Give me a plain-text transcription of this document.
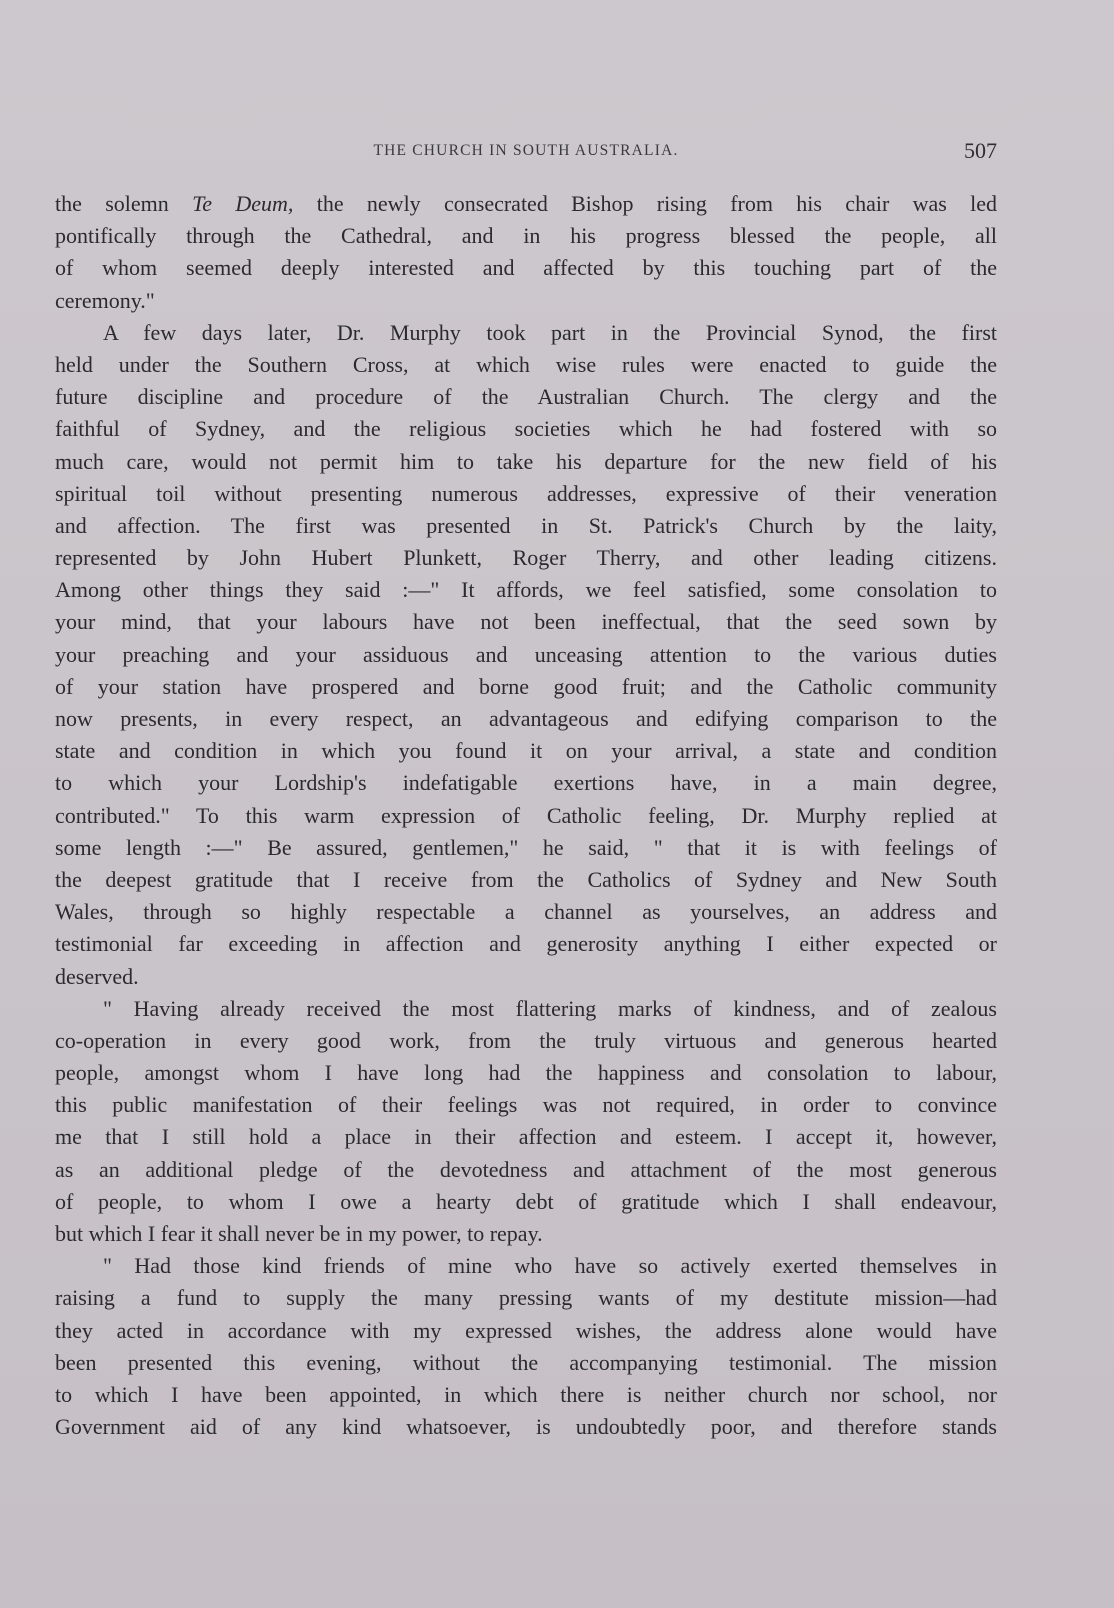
THE CHURCH IN SOUTH AUSTRALIA.	507
the solemn Te Deum, the newly consecrated Bishop rising from his chair was led
pontifically through the Cathedral, and in his progress blessed the people, all
of whom seemed deeply interested and affected by this touching part of the
ceremony."
A few days later, Dr. Murphy took part in the Provincial Synod, the first
held under the Southern Cross, at which wise rules were enacted to guide the
future discipline and procedure of the Australian Church. The clergy and the
faithful of Sydney, and the religious societies which he had fostered with so
much care, would not permit him to take his departure for the new field of his
spiritual toil without presenting numerous addresses, expressive of their veneration
and affection. The first was presented in St. Patrick's Church by the laity,
represented by John Hubert Plunkett, Roger Therry, and other leading citizens.
Among other things they said :—" It affords, we feel satisfied, some consolation to
your mind, that your labours have not been ineffectual, that the seed sown by
your preaching and your assiduous and unceasing attention to the various duties
of your station have prospered and borne good fruit; and the Catholic community
now presents, in every respect, an advantageous and edifying comparison to the
state and condition in which you found it on your arrival, a state and condition
to which your Lordship's indefatigable exertions have, in a main degree,
contributed." To this warm expression of Catholic feeling, Dr. Murphy replied at
some length :—" Be assured, gentlemen," he said, " that it is with feelings of
the deepest gratitude that I receive from the Catholics of Sydney and New South
Wales, through so highly respectable a channel as yourselves, an address and
testimonial far exceeding in affection and generosity anything I either expected or
deserved.
" Having already received the most flattering marks of kindness, and of zealous
co-operation in every good work, from the truly virtuous and generous hearted
people, amongst whom I have long had the happiness and consolation to labour,
this public manifestation of their feelings was not required, in order to convince
me that I still hold a place in their affection and esteem. I accept it, however,
as an additional pledge of the devotedness and attachment of the most generous
of people, to whom I owe a hearty debt of gratitude which I shall endeavour,
but which I fear it shall never be in my power, to repay.
" Had those kind friends of mine who have so actively exerted themselves in
raising a fund to supply the many pressing wants of my destitute mission—had
they acted in accordance with my expressed wishes, the address alone would have
been presented this evening, without the accompanying testimonial. The mission
to which I have been appointed, in which there is neither church nor school, nor
Government aid of any kind whatsoever, is undoubtedly poor, and therefore stands
